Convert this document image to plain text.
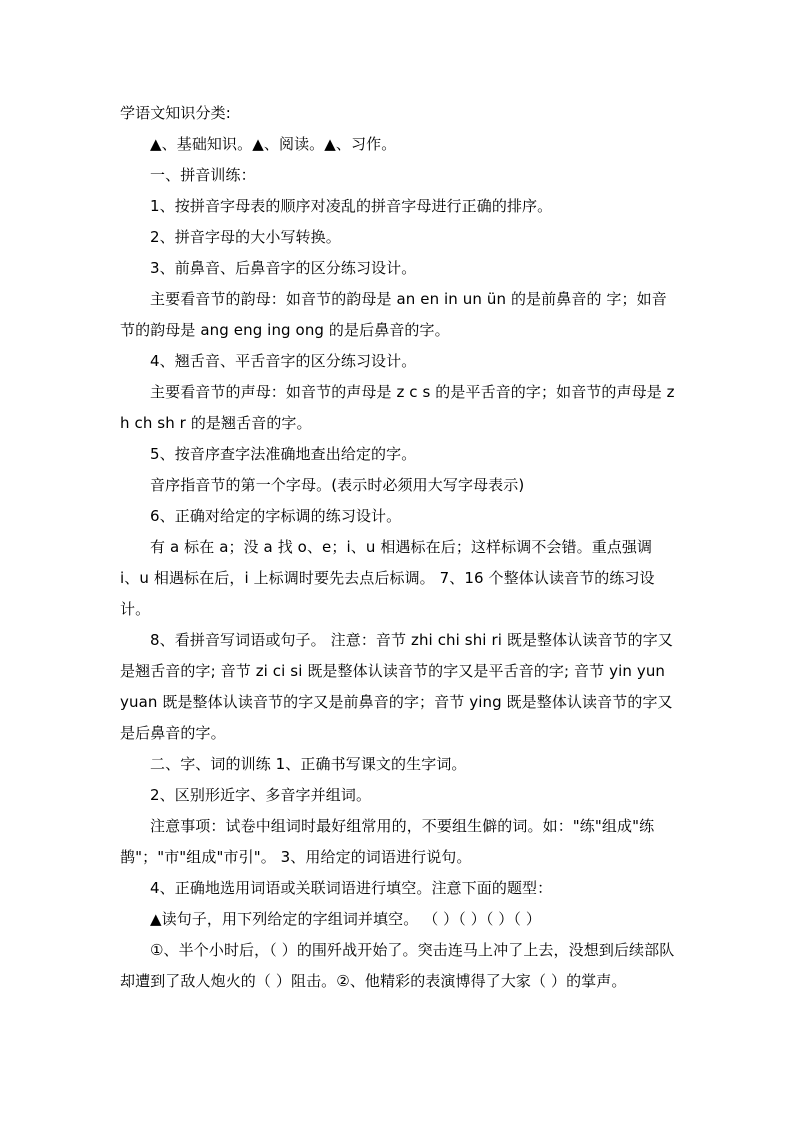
学语文知识分类:

▲、基础知识。▲、阅读。▲、习作。

一、拼音训练：

1、按拼音字母表的顺序对凌乱的拼音字母进行正确的排序。

2、拼音字母的大小写转换。

3、前鼻音、后鼻音字的区分练习设计。

主要看音节的韵母：如音节的韵母是 an en in un ün 的是前鼻音的 字；如音节的韵母是 ang eng ing ong 的是后鼻音的字。

4、翘舌音、平舌音字的区分练习设计。

主要看音节的声母：如音节的声母是 z c s 的是平舌音的字；如音节的声母是 zh ch sh r 的是翘舌音的字。

5、按音序查字法准确地查出给定的字。

音序指音节的第一个字母。(表示时必须用大写字母表示)

6、正确对给定的字标调的练习设计。

有 a 标在 a；没 a 找 o、e；i、u 相遇标在后；这样标调不会错。重点强调 i、u 相遇标在后，i 上标调时要先去点后标调。 7、16 个整体认读音节的练习设计。

8、看拼音写词语或句子。 注意：音节 zhi chi shi ri 既是整体认读音节的字又是翘舌音的字; 音节 zi ci si 既是整体认读音节的字又是平舌音的字; 音节 yin yun yuan 既是整体认读音节的字又是前鼻音的字；音节 ying 既是整体认读音节的字又是后鼻音的字。

二、字、词的训练 1、正确书写课文的生字词。

2、区别形近字、多音字并组词。

注意事项：试卷中组词时最好组常用的，不要组生僻的词。如："练"组成"练鹊"；"市"组成"市引"。 3、用给定的词语进行说句。

4、正确地选用词语或关联词语进行填空。注意下面的题型：

▲读句子，用下列给定的字组词并填空。 （ ）（ ）（ ）（ ）

①、半个小时后，（ ）的围歼战开始了。突击连马上冲了上去，没想到后续部队却遭到了敌人炮火的（ ）阻击。②、他精彩的表演博得了大家（ ）的掌声。
